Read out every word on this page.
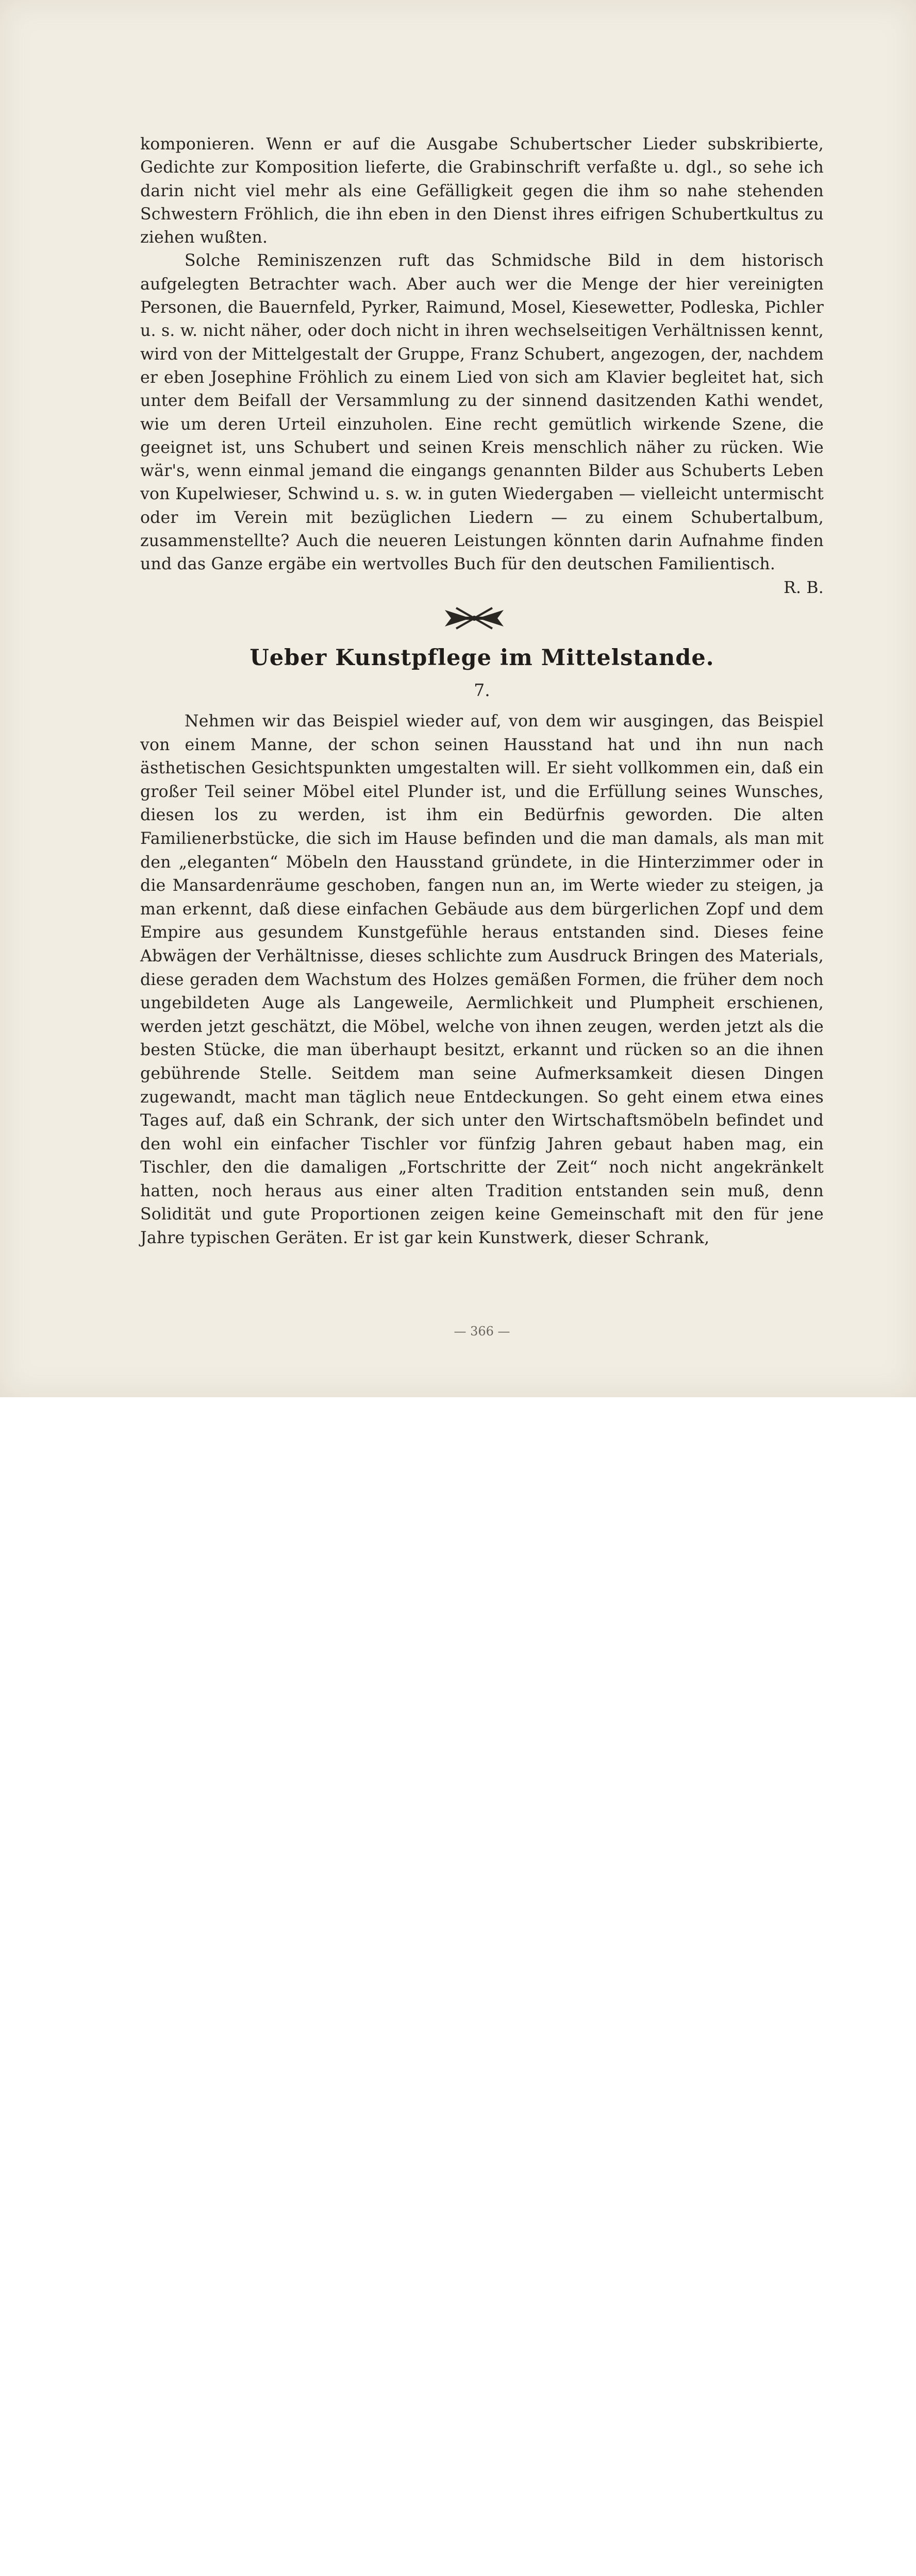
komponieren. Wenn er auf die Ausgabe Schubertscher Lieder subskribierte, Gedichte zur Komposition lieferte, die Grabinschrift verfaßte u. dgl., so sehe ich darin nicht viel mehr als eine Gefälligkeit gegen die ihm so nahe stehenden Schwestern Fröhlich, die ihn eben in den Dienst ihres eifrigen Schubertkultus zu ziehen wußten.

Solche Reminiszenzen ruft das Schmidsche Bild in dem historisch aufgelegten Betrachter wach. Aber auch wer die Menge der hier vereinigten Personen, die Bauernfeld, Pyrker, Raimund, Mosel, Kiesewetter, Podleska, Pichler u. s. w. nicht näher, oder doch nicht in ihren wechselseitigen Verhältnissen kennt, wird von der Mittelgestalt der Gruppe, Franz Schubert, angezogen, der, nachdem er eben Josephine Fröhlich zu einem Lied von sich am Klavier begleitet hat, sich unter dem Beifall der Versammlung zu der sinnend dasitzenden Kathi wendet, wie um deren Urteil einzuholen. Eine recht gemütlich wirkende Szene, die geeignet ist, uns Schubert und seinen Kreis menschlich näher zu rücken. Wie wär's, wenn einmal jemand die eingangs genannten Bilder aus Schuberts Leben von Kupelwieser, Schwind u. s. w. in guten Wiedergaben — vielleicht untermischt oder im Verein mit bezüglichen Liedern — zu einem Schubertalbum, zusammenstellte? Auch die neueren Leistungen könnten darin Aufnahme finden und das Ganze ergäbe ein wertvolles Buch für den deutschen Familientisch.
R. B.

Ueber Kunstpflege im Mittelstande.
7.

Nehmen wir das Beispiel wieder auf, von dem wir ausgingen, das Beispiel von einem Manne, der schon seinen Hausstand hat und ihn nun nach ästhetischen Gesichtspunkten umgestalten will. Er sieht vollkommen ein, daß ein großer Teil seiner Möbel eitel Plunder ist, und die Erfüllung seines Wunsches, diesen los zu werden, ist ihm ein Bedürfnis geworden. Die alten Familienerbstücke, die sich im Hause befinden und die man damals, als man mit den „eleganten“ Möbeln den Hausstand gründete, in die Hinterzimmer oder in die Mansardenräume geschoben, fangen nun an, im Werte wieder zu steigen, ja man erkennt, daß diese einfachen Gebäude aus dem bürgerlichen Zopf und dem Empire aus gesundem Kunstgefühle heraus entstanden sind. Dieses feine Abwägen der Verhältnisse, dieses schlichte zum Ausdruck Bringen des Materials, diese geraden dem Wachstum des Holzes gemäßen Formen, die früher dem noch ungebildeten Auge als Langeweile, Aermlichkeit und Plumpheit erschienen, werden jetzt geschätzt, die Möbel, welche von ihnen zeugen, werden jetzt als die besten Stücke, die man überhaupt besitzt, erkannt und rücken so an die ihnen gebührende Stelle. Seitdem man seine Aufmerksamkeit diesen Dingen zugewandt, macht man täglich neue Entdeckungen. So geht einem etwa eines Tages auf, daß ein Schrank, der sich unter den Wirtschaftsmöbeln befindet und den wohl ein einfacher Tischler vor fünfzig Jahren gebaut haben mag, ein Tischler, den die damaligen „Fortschritte der Zeit“ noch nicht angekränkelt hatten, noch heraus aus einer alten Tradition entstanden sein muß, denn Solidität und gute Proportionen zeigen keine Gemeinschaft mit den für jene Jahre typischen Geräten. Er ist gar kein Kunstwerk, dieser Schrank,

— 366 —
